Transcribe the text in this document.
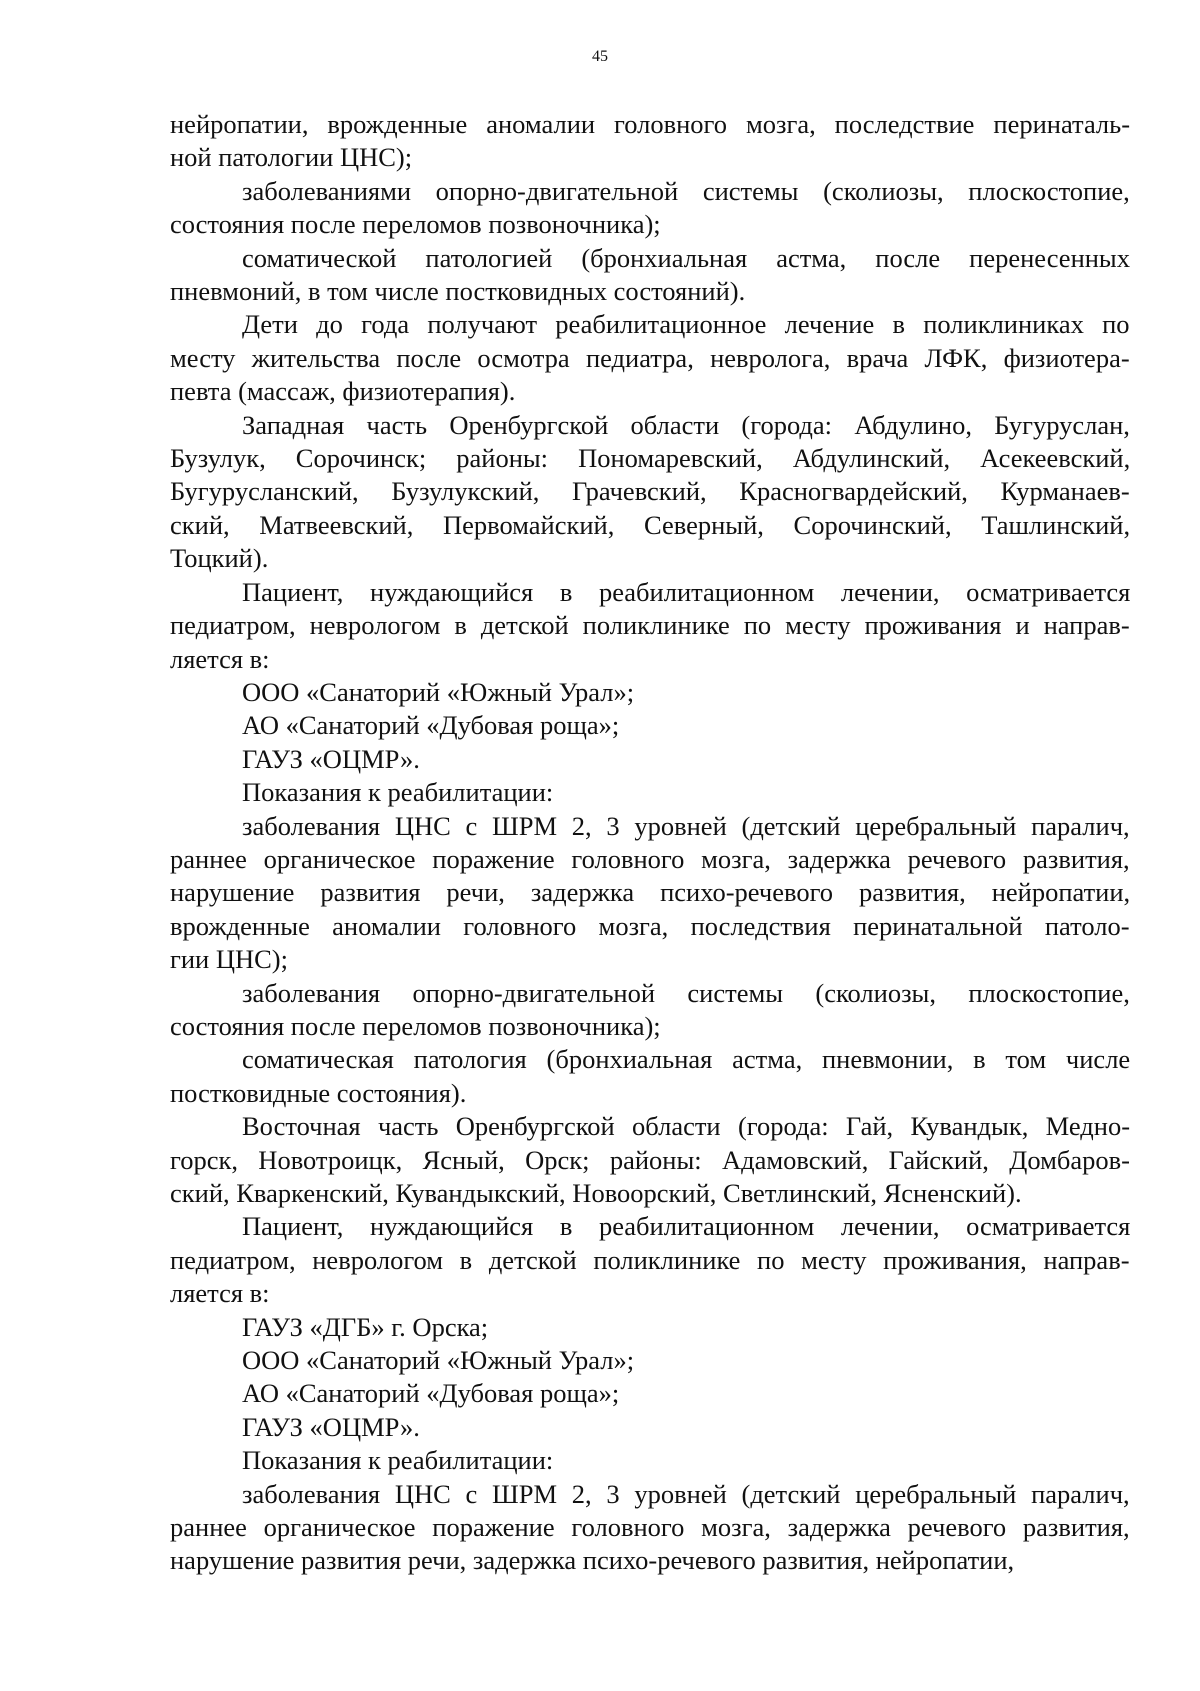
45

нейропатии, врожденные аномалии головного мозга, последствие перинаталь-
ной патологии ЦНС);

заболеваниями опорно-двигательной системы (сколиозы, плоскостопие,
состояния после переломов позвоночника);

соматической патологией (бронхиальная астма, после перенесенных
пневмоний, в том числе постковидных состояний).

Дети до года получают реабилитационное лечение в поликлиниках по
месту жительства после осмотра педиатра, невролога, врача ЛФК, физиотера-
певта (массаж, физиотерапия).

Западная часть Оренбургской области (города: Абдулино, Бугуруслан,
Бузулук, Сорочинск; районы: Пономаревский, Абдулинский, Асекеевский,
Бугурусланский, Бузулукский, Грачевский, Красногвардейский, Курманаев-
ский, Матвеевский, Первомайский, Северный, Сорочинский, Ташлинский,
Тоцкий).

Пациент, нуждающийся в реабилитационном лечении, осматривается
педиатром, неврологом в детской поликлинике по месту проживания и направ-
ляется в:

ООО «Санаторий «Южный Урал»;

АО «Санаторий «Дубовая роща»;

ГАУЗ «ОЦМР».

Показания к реабилитации:

заболевания ЦНС с ШРМ 2, 3 уровней (детский церебральный паралич,
раннее органическое поражение головного мозга, задержка речевого развития,
нарушение развития речи, задержка психо-речевого развития, нейропатии,
врожденные аномалии головного мозга, последствия перинатальной патоло-
гии ЦНС);

заболевания опорно-двигательной системы (сколиозы, плоскостопие,
состояния после переломов позвоночника);

соматическая патология (бронхиальная астма, пневмонии, в том числе
постковидные состояния).

Восточная часть Оренбургской области (города: Гай, Кувандык, Медно-
горск, Новотроицк, Ясный, Орск; районы: Адамовский, Гайский, Домбаров-
ский, Кваркенский, Кувандыкский, Новоорский, Светлинский, Ясненский).

Пациент, нуждающийся в реабилитационном лечении, осматривается
педиатром, неврологом в детской поликлинике по месту проживания, направ-
ляется в:

ГАУЗ «ДГБ» г. Орска;

ООО «Санаторий «Южный Урал»;

АО «Санаторий «Дубовая роща»;

ГАУЗ «ОЦМР».

Показания к реабилитации:

заболевания ЦНС с ШРМ 2, 3 уровней (детский церебральный паралич,
раннее органическое поражение головного мозга, задержка речевого развития,
нарушение развития речи, задержка психо-речевого развития, нейропатии,
